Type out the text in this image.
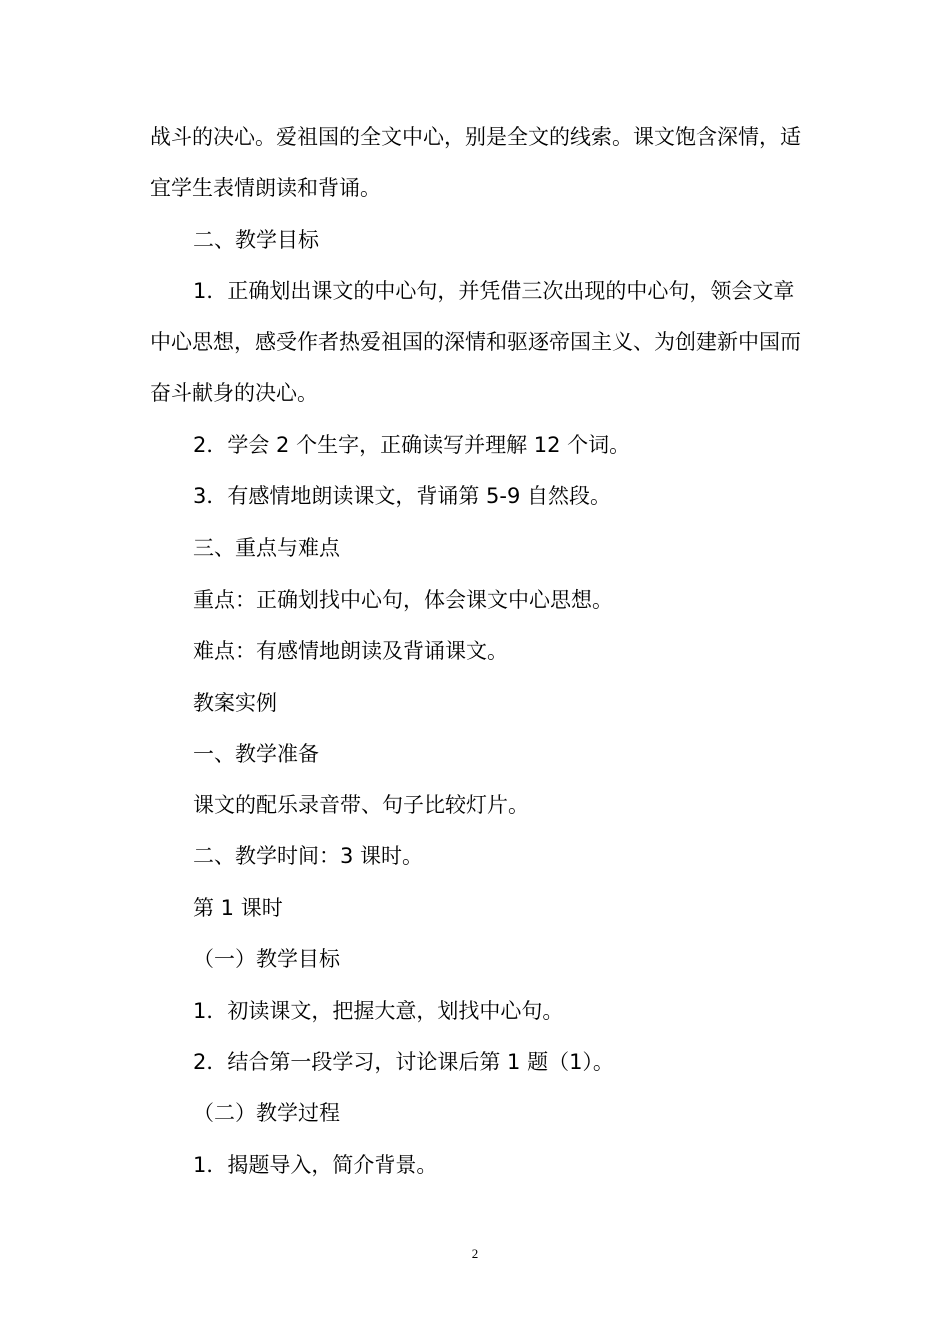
战斗的决心。爱祖国的全文中心，别是全文的线索。课文饱含深情，适宜学生表情朗读和背诵。

二、教学目标

1．正确划出课文的中心句，并凭借三次出现的中心句，领会文章中心思想，感受作者热爱祖国的深情和驱逐帝国主义、为创建新中国而奋斗献身的决心。

2．学会 2 个生字，正确读写并理解 12 个词。

3．有感情地朗读课文，背诵第 5-9 自然段。

三、重点与难点

重点：正确划找中心句，体会课文中心思想。

难点：有感情地朗读及背诵课文。

教案实例

一、教学准备

课文的配乐录音带、句子比较灯片。

二、教学时间：3 课时。

第 1 课时

（一）教学目标

1．初读课文，把握大意，划找中心句。

2．结合第一段学习，讨论课后第 1 题（1）。

（二）教学过程

1．揭题导入，简介背景。

2
